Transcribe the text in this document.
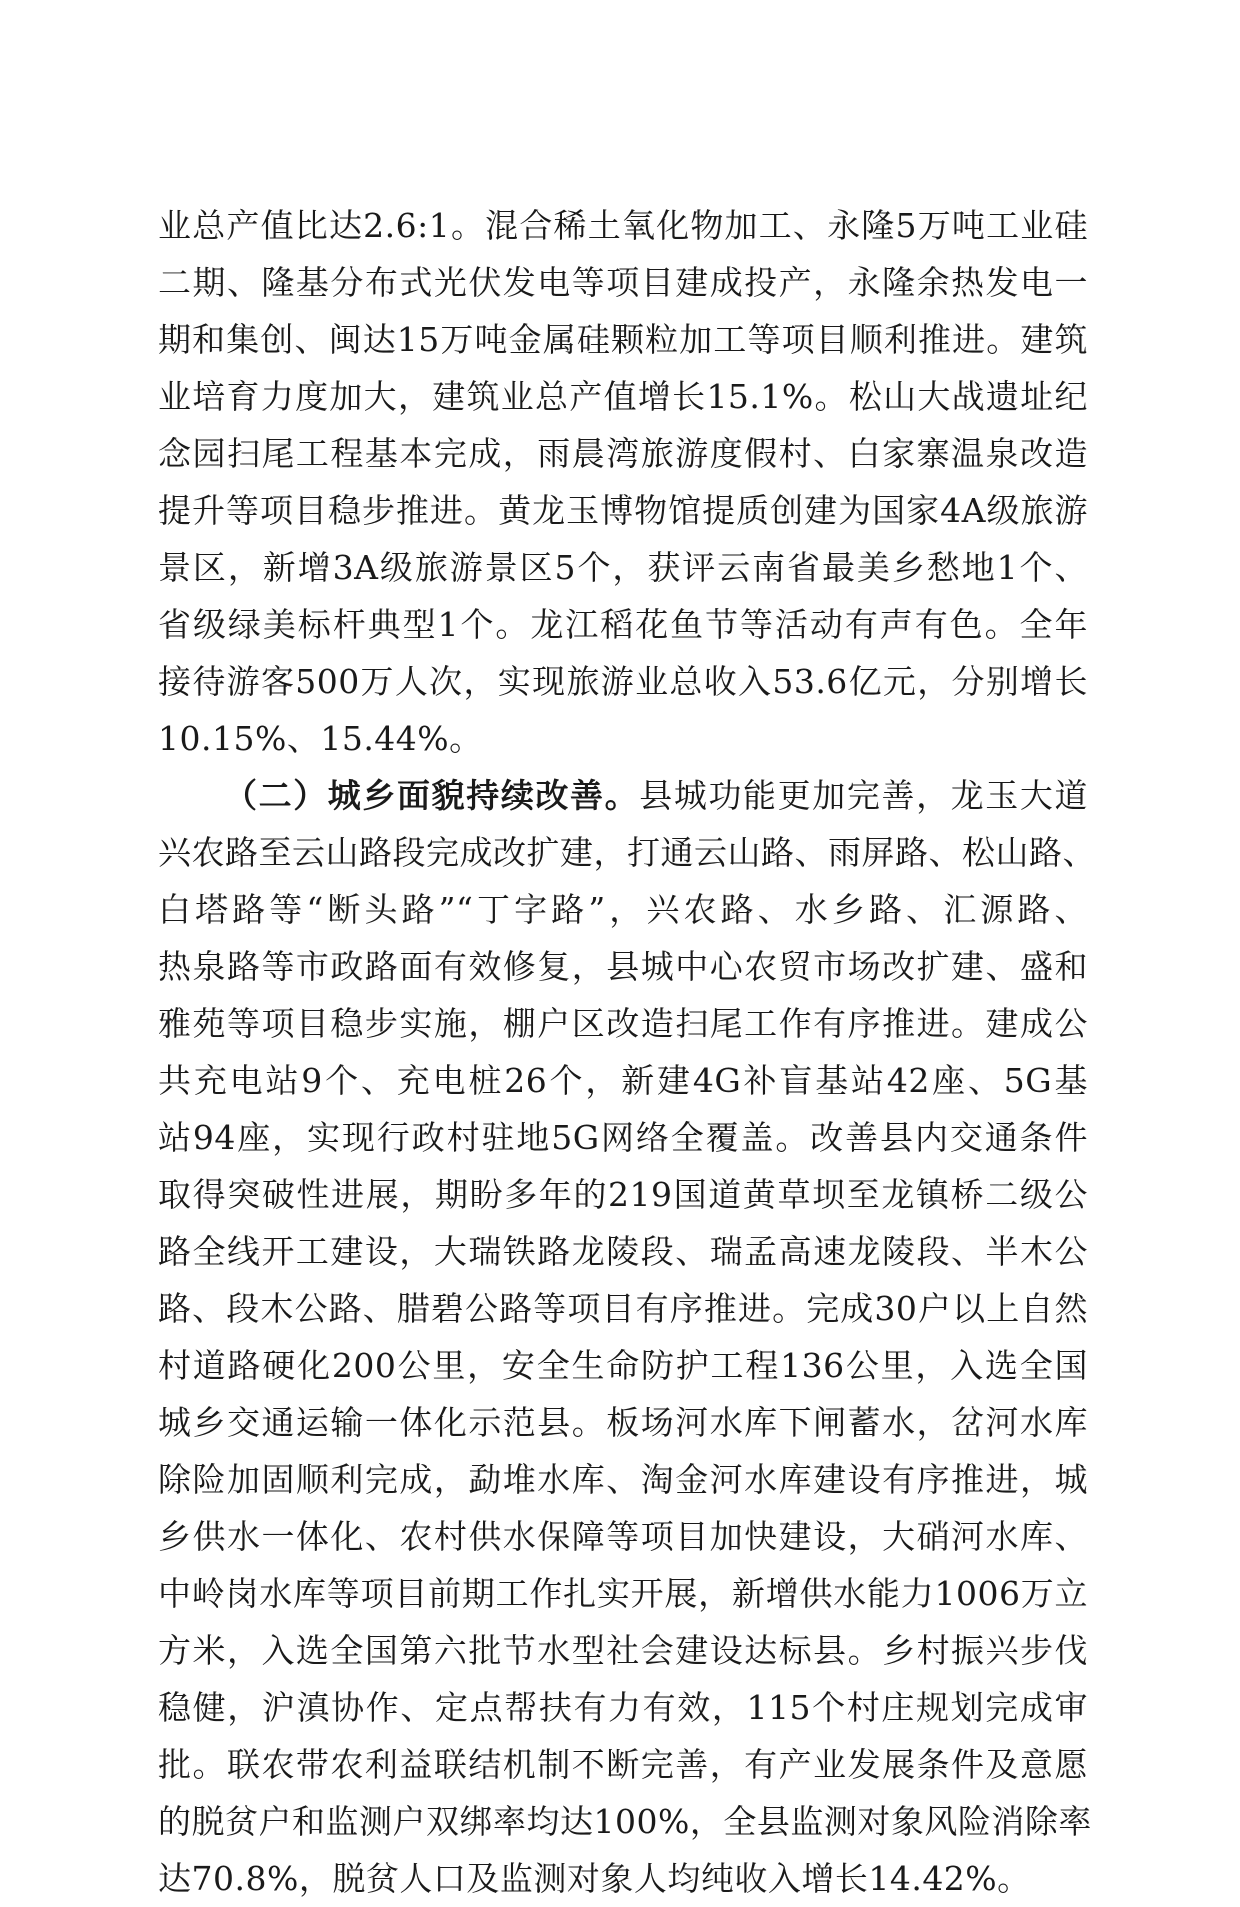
业总产值比达2.6:1。混合稀土氧化物加工、永隆5万吨工业硅
二期、隆基分布式光伏发电等项目建成投产，永隆余热发电一
期和集创、闽达15万吨金属硅颗粒加工等项目顺利推进。建筑
业培育力度加大，建筑业总产值增长15.1%。松山大战遗址纪
念园扫尾工程基本完成，雨晨湾旅游度假村、白家寨温泉改造
提升等项目稳步推进。黄龙玉博物馆提质创建为国家4A级旅游
景区，新增3A级旅游景区5个，获评云南省最美乡愁地1个、
省级绿美标杆典型1个。龙江稻花鱼节等活动有声有色。全年
接待游客500万人次，实现旅游业总收入53.6亿元，分别增长
10.15%、15.44%。
（二）城乡面貌持续改善。县城功能更加完善，龙玉大道
兴农路至云山路段完成改扩建，打通云山路、雨屏路、松山路、
白塔路等“断头路”“丁字路”，兴农路、水乡路、汇源路、
热泉路等市政路面有效修复，县城中心农贸市场改扩建、盛和
雅苑等项目稳步实施，棚户区改造扫尾工作有序推进。建成公
共充电站9个、充电桩26个，新建4G补盲基站42座、5G基
站94座，实现行政村驻地5G网络全覆盖。改善县内交通条件
取得突破性进展，期盼多年的219国道黄草坝至龙镇桥二级公
路全线开工建设，大瑞铁路龙陵段、瑞孟高速龙陵段、半木公
路、段木公路、腊碧公路等项目有序推进。完成30户以上自然
村道路硬化200公里，安全生命防护工程136公里，入选全国
城乡交通运输一体化示范县。板场河水库下闸蓄水，岔河水库
除险加固顺利完成，勐堆水库、淘金河水库建设有序推进，城
乡供水一体化、农村供水保障等项目加快建设，大硝河水库、
中岭岗水库等项目前期工作扎实开展，新增供水能力1006万立
方米，入选全国第六批节水型社会建设达标县。乡村振兴步伐
稳健，沪滇协作、定点帮扶有力有效，115个村庄规划完成审
批。联农带农利益联结机制不断完善，有产业发展条件及意愿
的脱贫户和监测户双绑率均达100%，全县监测对象风险消除率
达70.8%，脱贫人口及监测对象人均纯收入增长14.42%。
